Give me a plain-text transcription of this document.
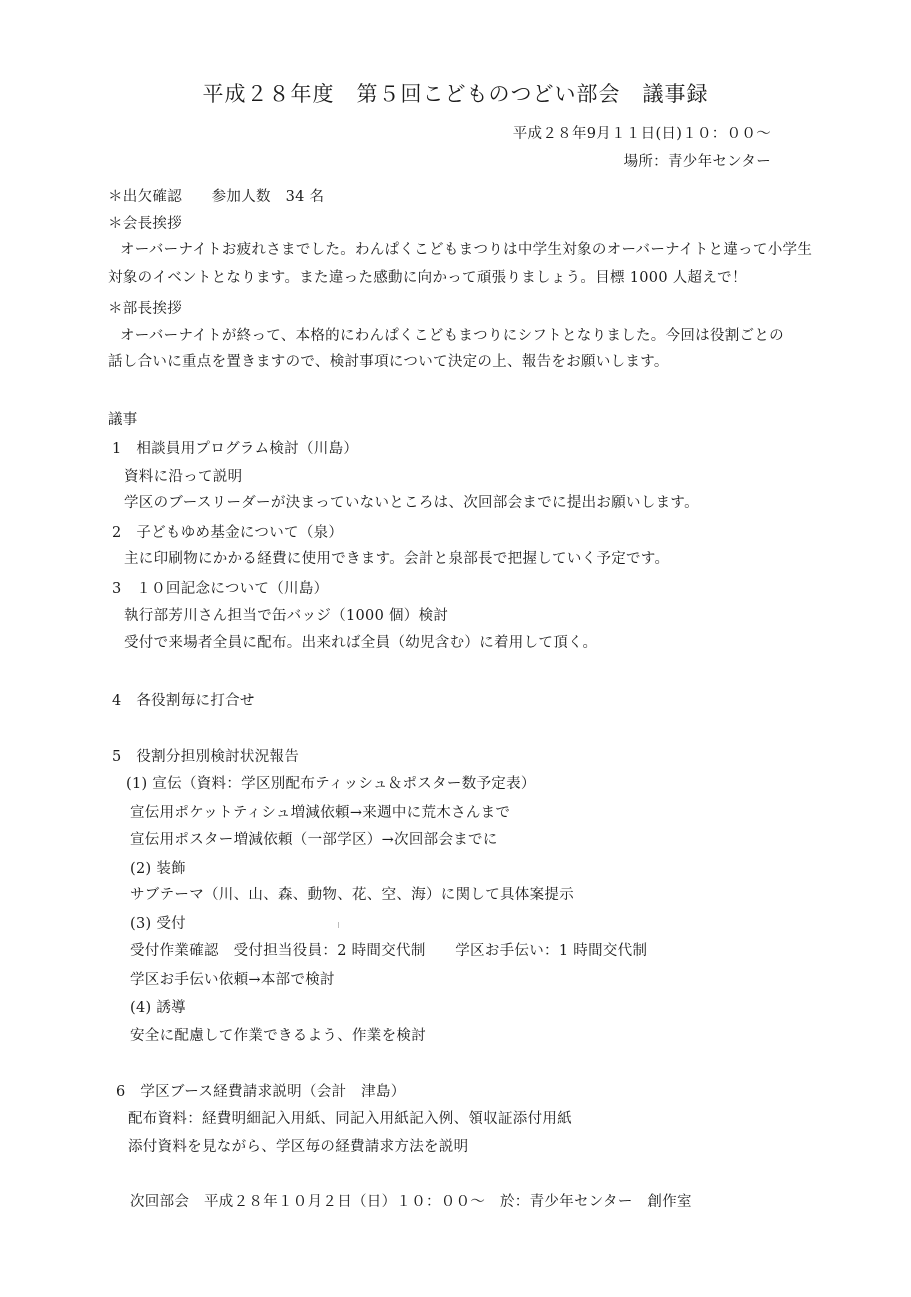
平成２８年度　第５回こどものつどい部会　議事録
平成２８年9月１１日(日)１０：００～
場所：青少年センター
＊出欠確認　　参加人数　34 名
＊会長挨拶
オーバーナイトお疲れさまでした。わんぱくこどもまつりは中学生対象のオーバーナイトと違って小学生
対象のイベントとなります。また違った感動に向かって頑張りましょう。目標 1000 人超えで！
＊部長挨拶
オーバーナイトが終って、本格的にわんぱくこどもまつりにシフトとなりました。今回は役割ごとの
話し合いに重点を置きますので、検討事項について決定の上、報告をお願いします。
議事
1　相談員用プログラム検討（川島）
資料に沿って説明
学区のブースリーダーが決まっていないところは、次回部会までに提出お願いします。
2　子どもゆめ基金について（泉）
主に印刷物にかかる経費に使用できます。会計と泉部長で把握していく予定です。
3　１０回記念について（川島）
執行部芳川さん担当で缶バッジ（1000 個）検討
受付で来場者全員に配布。出来れば全員（幼児含む）に着用して頂く。
4　各役割毎に打合せ
5　役割分担別検討状況報告
(1) 宣伝（資料：学区別配布ティッシュ＆ポスター数予定表）
宣伝用ポケットティシュ増減依頼→来週中に荒木さんまで
宣伝用ポスター増減依頼（一部学区）→次回部会までに
(2) 装飾
サブテーマ（川、山、森、動物、花、空、海）に関して具体案提示
(3) 受付
受付作業確認　受付担当役員：2 時間交代制　　学区お手伝い：1 時間交代制
学区お手伝い依頼→本部で検討
(4) 誘導
安全に配慮して作業できるよう、作業を検討
6　学区ブース経費請求説明（会計　津島）
配布資料：経費明細記入用紙、同記入用紙記入例、領収証添付用紙
添付資料を見ながら、学区毎の経費請求方法を説明
次回部会　平成２８年１０月２日（日）１０：００～　於：青少年センター　創作室
